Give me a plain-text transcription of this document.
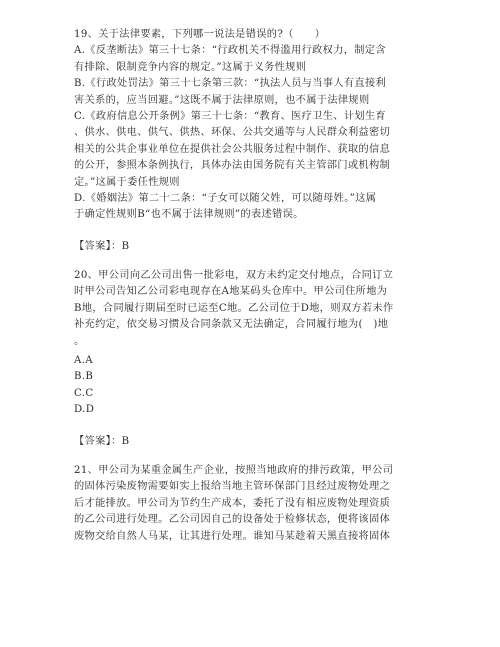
19、关于法律要素，下列哪一说法是错误的?（　　）
A.《反垄断法》第三十七条：“行政机关不得滥用行政权力，制定含
有排除、限制竞争内容的规定。”这属于义务性规则
B.《行政处罚法》第三十七条第三款：“执法人员与当事人有直接利
害关系的，应当回避。”这既不属于法律原则，也不属于法律规则
C.《政府信息公开条例》第三十七条：“教育、医疗卫生、计划生育
、供水、供电、供气、供热、环保、公共交通等与人民群众利益密切
相关的公共企事业单位在提供社会公共服务过程中制作、获取的信息
的公开，参照本条例执行，具体办法由国务院有关主管部门或机构制
定。”这属于委任性规则
D.《婚姻法》第二十二条：“子女可以随父姓，可以随母姓。”这属
于确定性规则B“也不属于法律规则”的表述错误。
【答案】：B
20、甲公司向乙公司出售一批彩电，双方未约定交付地点，合同订立
时甲公司告知乙公司彩电现存在A地某码头仓库中。甲公司住所地为
B地，合同履行期届至时已运至C地。乙公司位于D地，则双方若未作
补充约定，依交易习惯及合同条款又无法确定，合同履行地为(　)地
。
A.A
B.B
C.C
D.D
【答案】：B
21、甲公司为某重金属生产企业，按照当地政府的排污政策，甲公司
的固体污染废物需要如实上报给当地主管环保部门且经过废物处理之
后才能排放。甲公司为节约生产成本，委托了没有相应废物处理资质
的乙公司进行处理。乙公司因自己的设备处于检修状态，便将该固体
废物交给自然人马某，让其进行处理。谁知马某趁着天黑直接将固体
